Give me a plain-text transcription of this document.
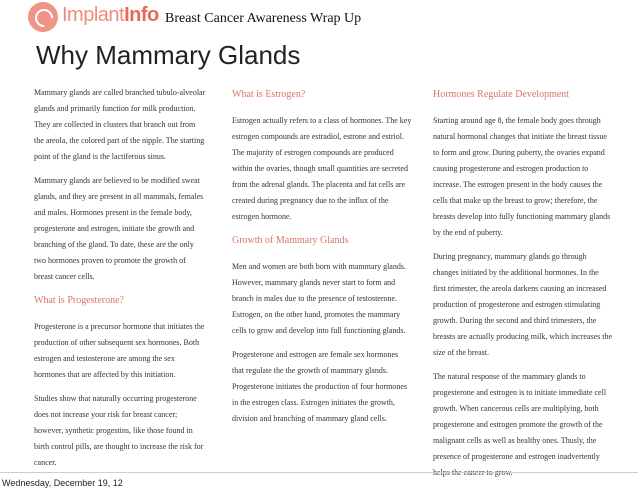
ImplantInfo Breast Cancer Awareness Wrap Up
Why Mammary Glands

Mammary glands are called branched tubulo-alveolar glands and primarily function for milk production. They are collected in clusters that branch out from the areola, the colored part of the nipple. The starting point of the gland is the lactiferous sinus.

Mammary glands are believed to be modified sweat glands, and they are present in all mammals, females and males. Hormones present in the female body, progesterone and estrogen, initiate the growth and branching of the gland. To date, these are the only two hormones proven to promote the growth of breast cancer cells.

What is Progesterone?

Progesterone is a precursor hormone that initiates the production of other subsequent sex hormones. Both estrogen and testosterone are among the sex hormones that are affected by this initiation.

Studies show that naturally occurring progesterone does not increase your risk for breast cancer; however, synthetic progestins, like those found in birth control pills, are thought to increase the risk for cancer.

What is Estrogen?

Estrogen actually refers to a class of hormones. The key estrogen compounds are estradiol, estrone and estriol. The majority of estrogen compounds are produced within the ovaries, though small quantities are secreted from the adrenal glands. The placenta and fat cells are created during pregnancy due to the influx of the estrogen hormone.

Growth of Mammary Glands

Men and women are both born with mammary glands. However, mammary glands never start to form and branch in males due to the presence of testosterone. Estrogen, on the other hand, promotes the mammary cells to grow and develop into full functioning glands.

Progesterone and estrogen are female sex hormones that regulate the the growth of mammary glands. Progesterone initiates the production of four hormones in the estrogen class. Estrogen initiates the growth, division and branching of mammary gland cells.

Hormones Regulate Development

Starting around age 8, the female body goes through natural hormonal changes that initiate the breast tissue to form and grow. During puberty, the ovaries expand causing progesterone and estrogen production to increase. The estrogen present in the body causes the cells that make up the breast to grow; therefore, the breasts develop into fully functioning mammary glands by the end of puberty.

During pregnancy, mammary glands go through changes initiated by the additional hormones. In the first trimester, the areola darkens causing an increased production of progesterone and estrogen stimulating growth. During the second and third trimesters, the breasts are actually producing milk, which increases the size of the breast.

The natural response of the mammary glands to progesterone and estrogen is to initiate immediate cell growth. When cancerous cells are multiplying, both progesterone and estrogen promote the growth of the malignant cells as well as healthy ones. Thusly, the presence of progesterone and estrogen inadvertently

Wednesday, December 19, 12
